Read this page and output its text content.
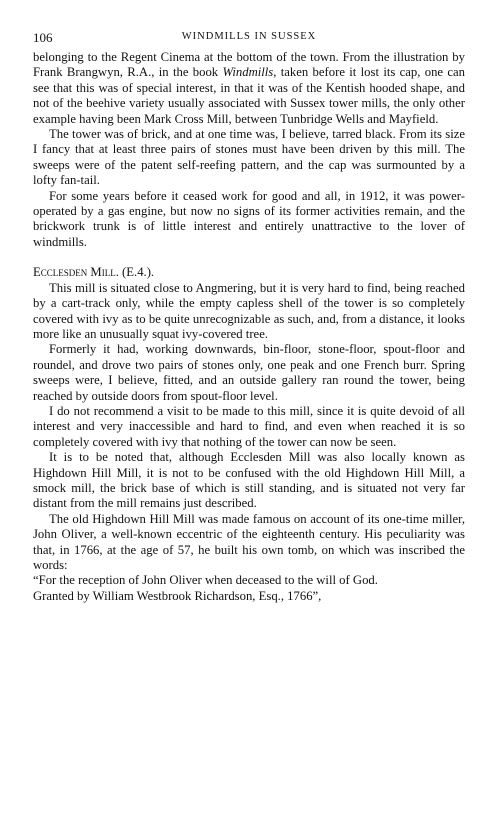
106	WINDMILLS IN SUSSEX

belonging to the Regent Cinema at the bottom of the town. From the illustration by Frank Brangwyn, R.A., in the book Windmills, taken before it lost its cap, one can see that this was of special interest, in that it was of the Kentish hooded shape, and not of the beehive variety usually associated with Sussex tower mills, the only other example having been Mark Cross Mill, between Tunbridge Wells and Mayfield.

The tower was of brick, and at one time was, I believe, tarred black. From its size I fancy that at least three pairs of stones must have been driven by this mill. The sweeps were of the patent self-reefing pattern, and the cap was surmounted by a lofty fan-tail.

For some years before it ceased work for good and all, in 1912, it was power-operated by a gas engine, but now no signs of its former activities remain, and the brickwork trunk is of little interest and entirely unattractive to the lover of windmills.

Ecclesden Mill. (E.4.).

This mill is situated close to Angmering, but it is very hard to find, being reached by a cart-track only, while the empty capless shell of the tower is so completely covered with ivy as to be quite unrecognizable as such, and, from a distance, it looks more like an unusually squat ivy-covered tree.

Formerly it had, working downwards, bin-floor, stone-floor, spout-floor and roundel, and drove two pairs of stones only, one peak and one French burr. Spring sweeps were, I believe, fitted, and an outside gallery ran round the tower, being reached by outside doors from spout-floor level.

I do not recommend a visit to be made to this mill, since it is quite devoid of all interest and very inaccessible and hard to find, and even when reached it is so completely covered with ivy that nothing of the tower can now be seen.

It is to be noted that, although Ecclesden Mill was also locally known as Highdown Hill Mill, it is not to be confused with the old Highdown Hill Mill, a smock mill, the brick base of which is still standing, and is situated not very far distant from the mill remains just described.

The old Highdown Hill Mill was made famous on account of its one-time miller, John Oliver, a well-known eccentric of the eighteenth century. His peculiarity was that, in 1766, at the age of 57, he built his own tomb, on which was inscribed the words:

“For the reception of John Oliver when deceased to the will of God. Granted by William Westbrook Richardson, Esq., 1766”,
